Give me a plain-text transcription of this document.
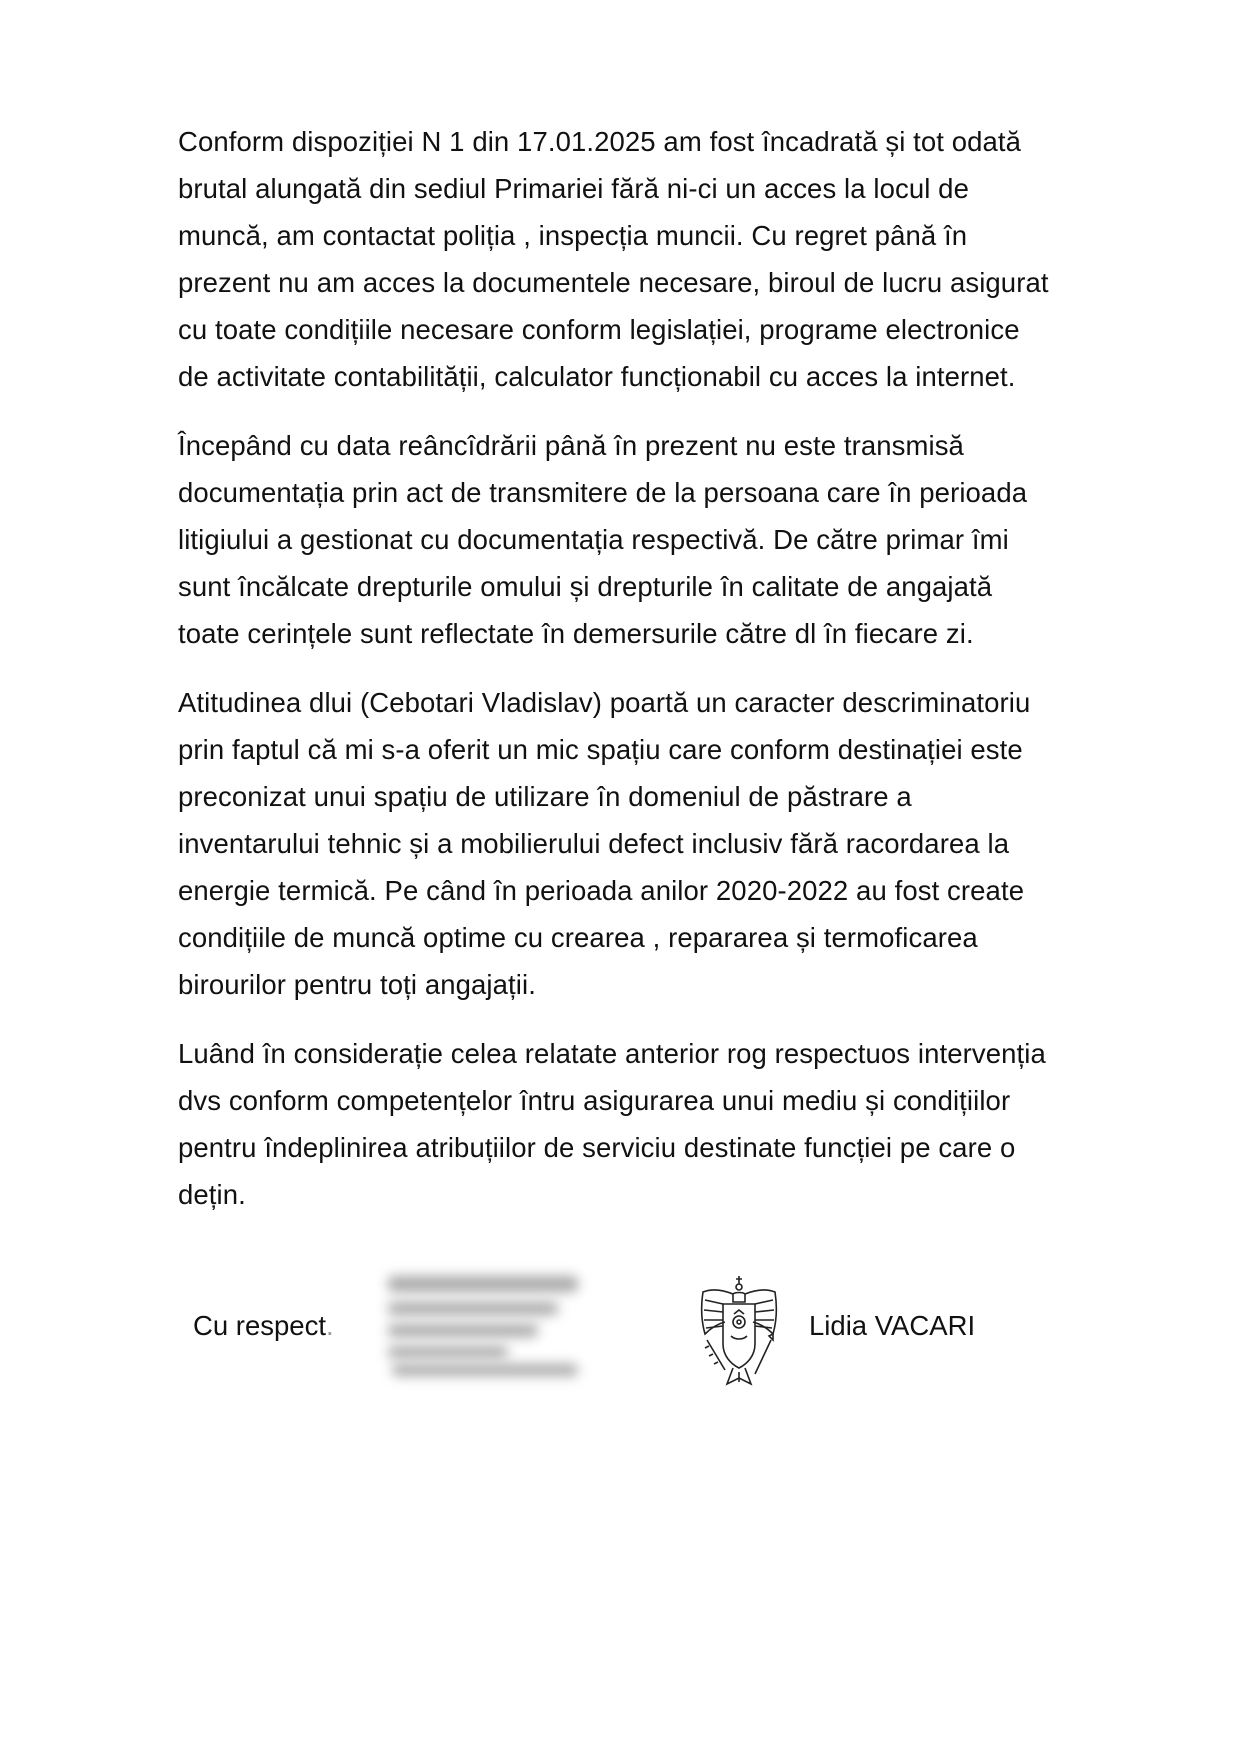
Conform dispoziției N 1 din 17.01.2025 am fost încadrată și tot odată
brutal alungată din sediul Primariei fără ni-ci un acces la locul de
muncă, am contactat poliția , inspecția muncii. Cu regret până în
prezent nu am acces la documentele necesare, biroul de lucru asigurat
cu toate condițiile necesare conform legislației, programe electronice
de activitate contabilității, calculator funcționabil cu acces la internet.

Începând cu data reâncîdrării până în prezent nu este transmisă
documentația prin act de transmitere de la persoana care în perioada
litigiului a gestionat cu documentația respectivă. De către primar îmi
sunt încălcate drepturile omului și drepturile în calitate de angajată
toate cerințele sunt reflectate în demersurile către dl în fiecare zi.

Atitudinea dlui (Cebotari Vladislav) poartă un caracter descriminatoriu
prin faptul că mi s-a oferit un mic spațiu care conform destinației este
preconizat unui spațiu de utilizare în domeniul de păstrare a
inventarului tehnic și a mobilierului defect inclusiv fără racordarea la
energie termică. Pe când în perioada anilor 2020-2022 au fost create
condițiile de muncă optime cu crearea , repararea și termoficarea
birourilor pentru toți angajații.

Luând în considerație celea relatate anterior rog respectuos intervenția
dvs conform competențelor întru asigurarea unui mediu și condițiilor
pentru îndeplinirea atribuțiilor de serviciu destinate funcției pe care o
dețin.

Cu respect.	Lidia VACARI
